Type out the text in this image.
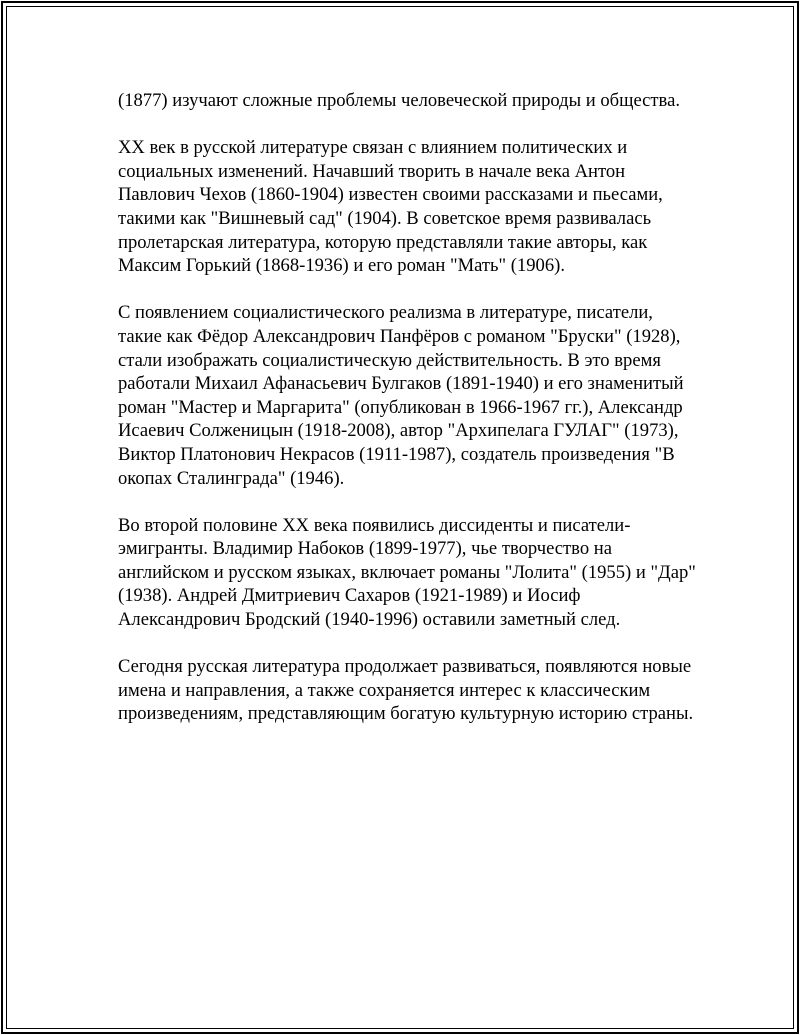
(1877) изучают сложные проблемы человеческой природы и общества.

XX век в русской литературе связан с влиянием политических и социальных изменений. Начавший творить в начале века Антон Павлович Чехов (1860-1904) известен своими рассказами и пьесами, такими как "Вишневый сад" (1904). В советское время развивалась пролетарская литература, которую представляли такие авторы, как Максим Горький (1868-1936) и его роман "Мать" (1906).

С появлением социалистического реализма в литературе, писатели, такие как Фёдор Александрович Панфёров с романом "Бруски" (1928), стали изображать социалистическую действительность. В это время работали Михаил Афанасьевич Булгаков (1891-1940) и его знаменитый роман "Мастер и Маргарита" (опубликован в 1966-1967 гг.), Александр Исаевич Солженицын (1918-2008), автор "Архипелага ГУЛАГ" (1973), Виктор Платонович Некрасов (1911-1987), создатель произведения "В окопах Сталинграда" (1946).

Во второй половине XX века появились диссиденты и писатели-эмигранты. Владимир Набоков (1899-1977), чье творчество на английском и русском языках, включает романы "Лолита" (1955) и "Дар" (1938). Андрей Дмитриевич Сахаров (1921-1989) и Иосиф Александрович Бродский (1940-1996) оставили заметный след.

Сегодня русская литература продолжает развиваться, появляются новые имена и направления, а также сохраняется интерес к классическим произведениям, представляющим богатую культурную историю страны.
